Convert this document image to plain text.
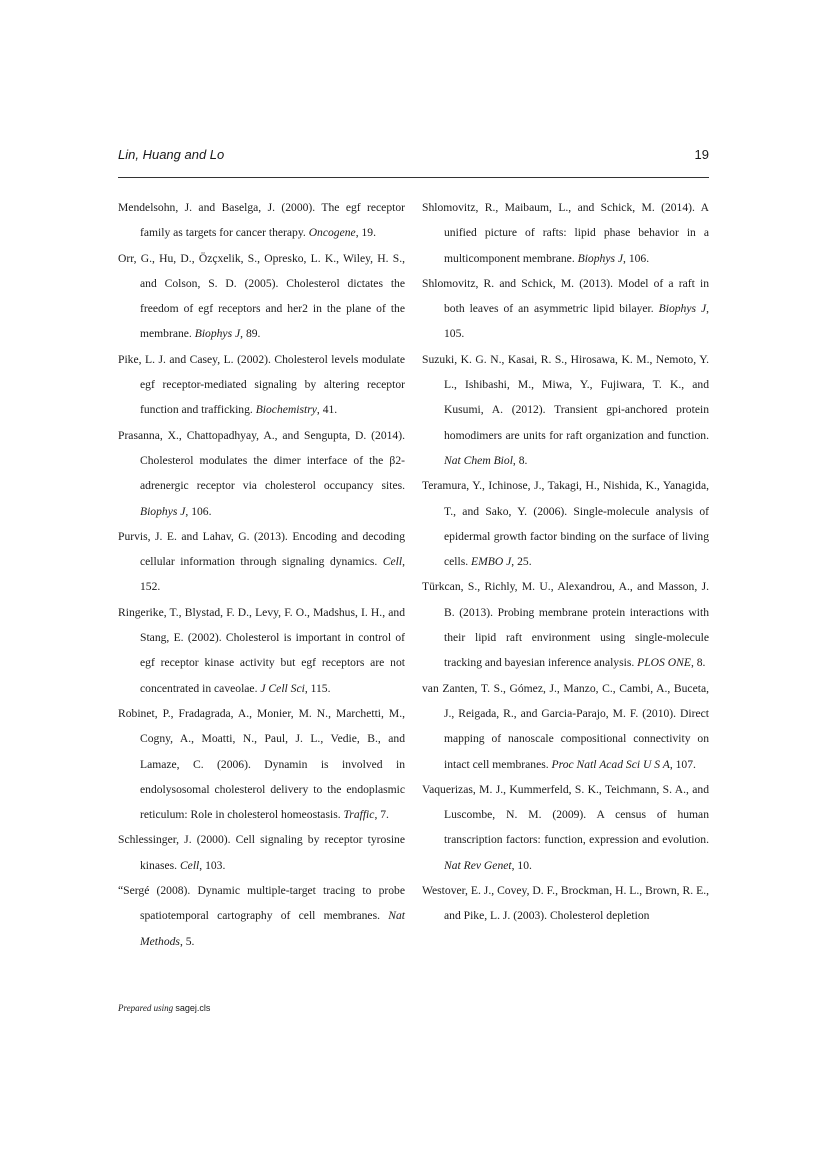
Lin, Huang and Lo	19

Mendelsohn, J. and Baselga, J. (2000). The egf receptor family as targets for cancer therapy. Oncogene, 19.

Orr, G., Hu, D., Özçxelik, S., Opresko, L. K., Wiley, H. S., and Colson, S. D. (2005). Cholesterol dictates the freedom of egf receptors and her2 in the plane of the membrane. Biophys J, 89.

Pike, L. J. and Casey, L. (2002). Cholesterol levels modulate egf receptor-mediated signaling by altering receptor function and trafficking. Biochemistry, 41.

Prasanna, X., Chattopadhyay, A., and Sengupta, D. (2014). Cholesterol modulates the dimer interface of the β2-adrenergic receptor via cholesterol occupancy sites. Biophys J, 106.

Purvis, J. E. and Lahav, G. (2013). Encoding and decoding cellular information through signaling dynamics. Cell, 152.

Ringerike, T., Blystad, F. D., Levy, F. O., Madshus, I. H., and Stang, E. (2002). Cholesterol is important in control of egf receptor kinase activity but egf receptors are not concentrated in caveolae. J Cell Sci, 115.

Robinet, P., Fradagrada, A., Monier, M. N., Marchetti, M., Cogny, A., Moatti, N., Paul, J. L., Vedie, B., and Lamaze, C. (2006). Dynamin is involved in endolysosomal cholesterol delivery to the endoplasmic reticulum: Role in cholesterol homeostasis. Traffic, 7.

Schlessinger, J. (2000). Cell signaling by receptor tyrosine kinases. Cell, 103.

“Sergé (2008). Dynamic multiple-target tracing to probe spatiotemporal cartography of cell membranes. Nat Methods, 5.

Shlomovitz, R., Maibaum, L., and Schick, M. (2014). A unified picture of rafts: lipid phase behavior in a multicomponent membrane. Biophys J, 106.

Shlomovitz, R. and Schick, M. (2013). Model of a raft in both leaves of an asymmetric lipid bilayer. Biophys J, 105.

Suzuki, K. G. N., Kasai, R. S., Hirosawa, K. M., Nemoto, Y. L., Ishibashi, M., Miwa, Y., Fujiwara, T. K., and Kusumi, A. (2012). Transient gpi-anchored protein homodimers are units for raft organization and function. Nat Chem Biol, 8.

Teramura, Y., Ichinose, J., Takagi, H., Nishida, K., Yanagida, T., and Sako, Y. (2006). Single-molecule analysis of epidermal growth factor binding on the surface of living cells. EMBO J, 25.

Türkcan, S., Richly, M. U., Alexandrou, A., and Masson, J. B. (2013). Probing membrane protein interactions with their lipid raft environment using single-molecule tracking and bayesian inference analysis. PLOS ONE, 8.

van Zanten, T. S., Gómez, J., Manzo, C., Cambi, A., Buceta, J., Reigada, R., and Garcia-Parajo, M. F. (2010). Direct mapping of nanoscale compositional connectivity on intact cell membranes. Proc Natl Acad Sci U S A, 107.

Vaquerizas, M. J., Kummerfeld, S. K., Teichmann, S. A., and Luscombe, N. M. (2009). A census of human transcription factors: function, expression and evolution. Nat Rev Genet, 10.

Westover, E. J., Covey, D. F., Brockman, H. L., Brown, R. E., and Pike, L. J. (2003). Cholesterol depletion

Prepared using sagej.cls
